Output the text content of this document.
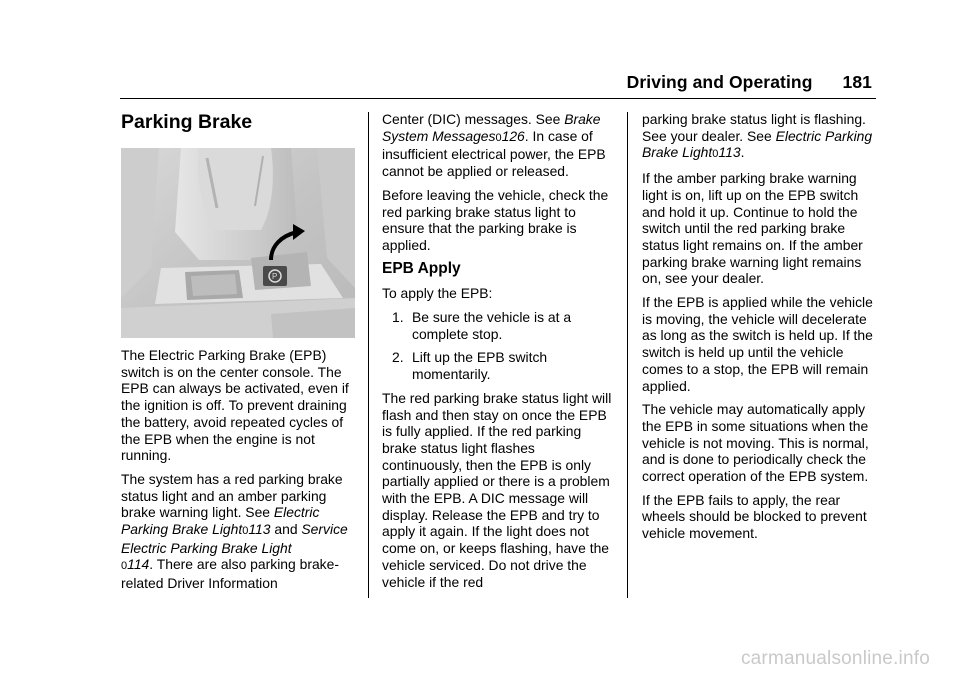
Driving and Operating 181
Parking Brake
P

The Electric Parking Brake (EPB) switch is on the center console. The EPB can always be activated, even if the ignition is off. To prevent draining the battery, avoid repeated cycles of the EPB when the engine is not running.

The system has a red parking brake status light and an amber parking brake warning light. See Electric Parking Brake Light0113 and Service Electric Parking Brake Light
0114. There are also parking brake-related Driver Information

Center (DIC) messages. See Brake System Messages0126. In case of insufficient electrical power, the EPB cannot be applied or released.

Before leaving the vehicle, check the red parking brake status light to ensure that the parking brake is applied.

EPB Apply

To apply the EPB:

1. Be sure the vehicle is at a complete stop.
2. Lift up the EPB switch momentarily.

The red parking brake status light will flash and then stay on once the EPB is fully applied. If the red parking brake status light flashes continuously, then the EPB is only partially applied or there is a problem with the EPB. A DIC message will display. Release the EPB and try to apply it again. If the light does not come on, or keeps flashing, have the vehicle serviced. Do not drive the vehicle if the red

parking brake status light is flashing. See your dealer. See Electric Parking Brake Light0113.

If the amber parking brake warning light is on, lift up on the EPB switch and hold it up. Continue to hold the switch until the red parking brake status light remains on. If the amber parking brake warning light remains on, see your dealer.

If the EPB is applied while the vehicle is moving, the vehicle will decelerate as long as the switch is held up. If the switch is held up until the vehicle comes to a stop, the EPB will remain applied.

The vehicle may automatically apply the EPB in some situations when the vehicle is not moving. This is normal, and is done to periodically check the correct operation of the EPB system.

If the EPB fails to apply, the rear wheels should be blocked to prevent vehicle movement.

carmanualsonline.info
